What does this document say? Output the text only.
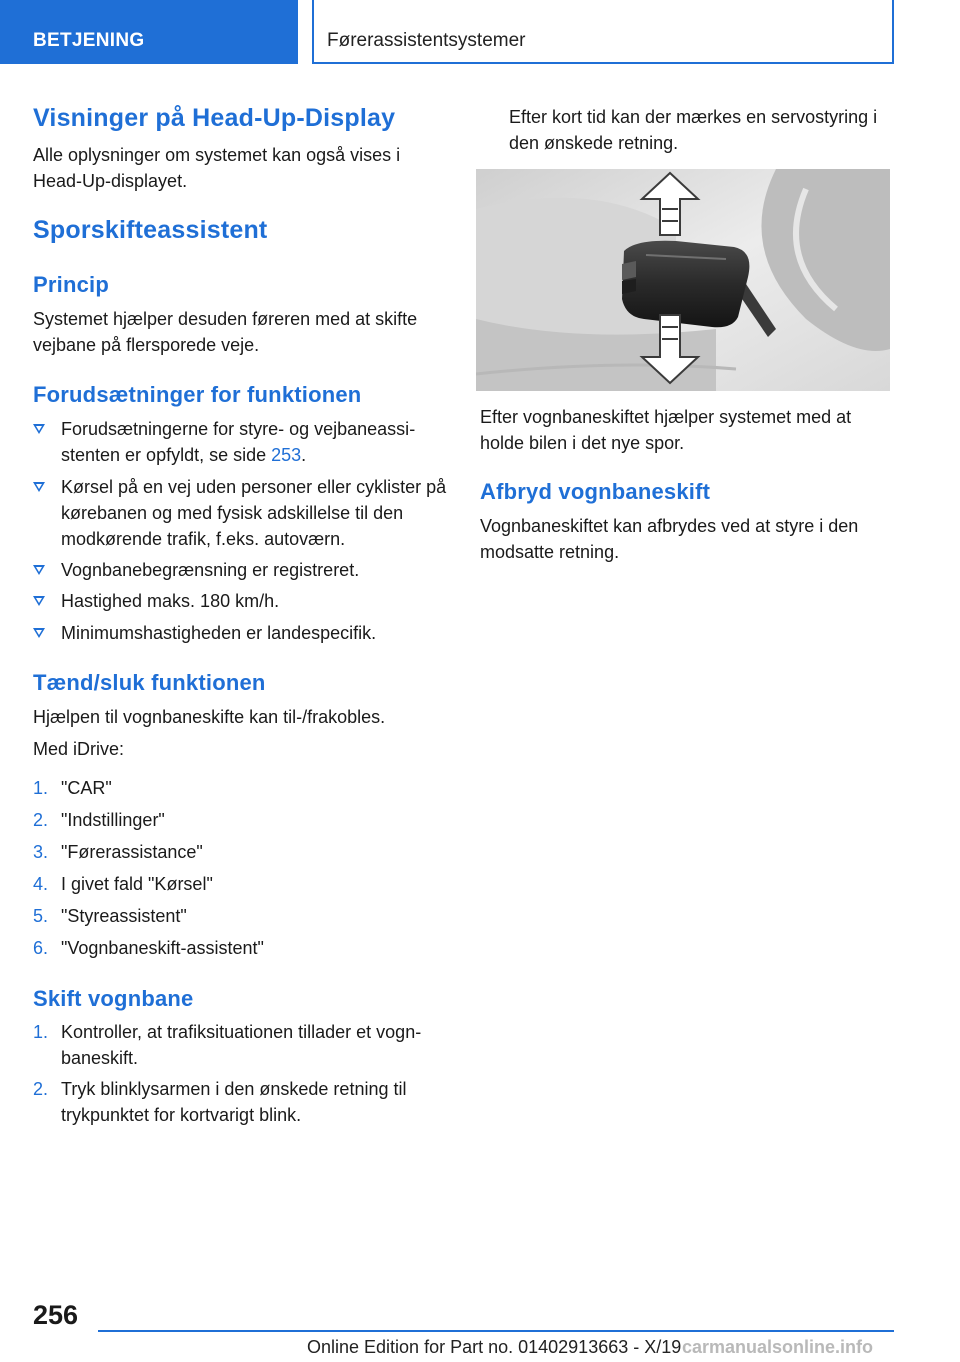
BETJENING	Førerassistentsystemer
Visninger på Head-Up-Display
Alle oplysninger om systemet kan også vises i Head-Up-displayet.
Sporskifteassistent
Princip
Systemet hjælper desuden føreren med at skifte vejbane på flersporede veje.
Forudsætninger for funktionen
Forudsætningerne for styre- og vejbaneassistenten er opfyldt, se side 253.
Kørsel på en vej uden personer eller cyklister på kørebanen og med fysisk adskillelse til den modkørende trafik, f.eks. autoværn.
Vognbanebegrænsning er registreret.
Hastighed maks. 180 km/h.
Minimumshastigheden er landespecifik.
Tænd/sluk funktionen
Hjælpen til vognbaneskifte kan til-/frakobles.
Med iDrive:
1. "CAR"
2. "Indstillinger"
3. "Førerassistance"
4. I givet fald "Kørsel"
5. "Styreassistent"
6. "Vognbaneskift-assistent"
Skift vognbane
1. Kontroller, at trafiksituationen tillader et vognbaneskift.
2. Tryk blinklysarmen i den ønskede retning til trykpunktet for kortvarigt blink.
Efter kort tid kan der mærkes en servostyring i den ønskede retning.
Efter vognbaneskiftet hjælper systemet med at holde bilen i det nye spor.
Afbryd vognbaneskift
Vognbaneskiftet kan afbrydes ved at styre i den modsatte retning.
256
Online Edition for Part no. 01402913663 - X/19 carmanualsonline.info
